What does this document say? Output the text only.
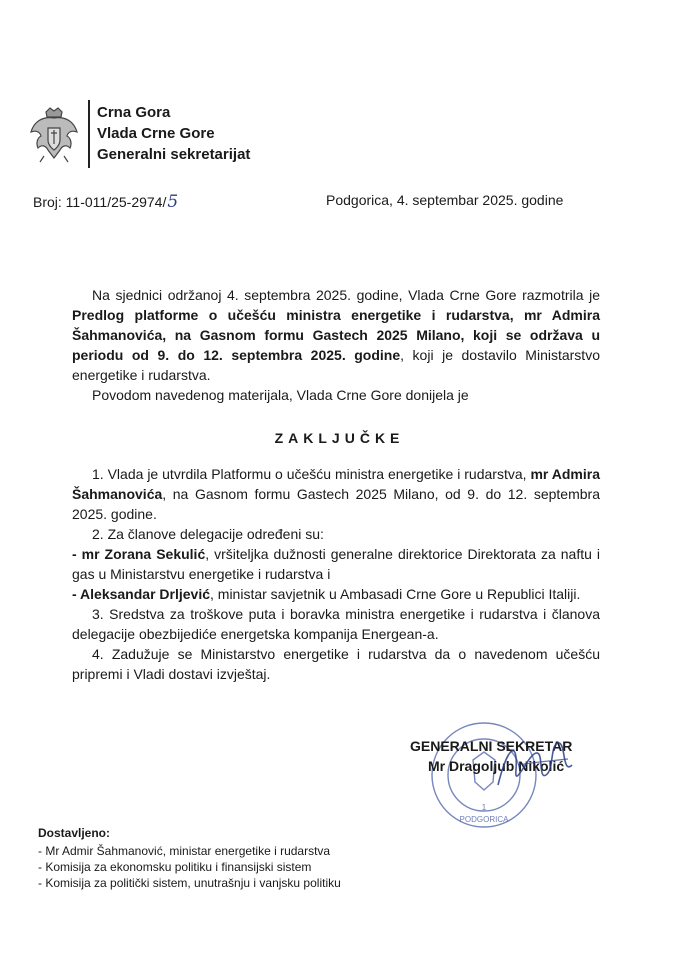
Crna Gora
Vlada Crne Gore
Generalni sekretarijat
Broj: 11-011/25-2974/5	Podgorica, 4. septembar 2025. godine

Na sjednici održanoj 4. septembra 2025. godine, Vlada Crne Gore razmotrila je Predlog platforme o učešću ministra energetike i rudarstva, mr Admira Šahmanovića, na Gasnom formu Gastech 2025 Milano, koji se održava u periodu od 9. do 12. septembra 2025. godine, koji je dostavilo Ministarstvo energetike i rudarstva.

Povodom navedenog materijala, Vlada Crne Gore donijela je

ZAKLJUČKE

1. Vlada je utvrdila Platformu o učešću ministra energetike i rudarstva, mr Admira Šahmanovića, na Gasnom formu Gastech 2025 Milano, od 9. do 12. septembra 2025. godine.

2. Za članove delegacije određeni su:

- mr Zorana Sekulić, vršiteljka dužnosti generalne direktorice Direktorata za naftu i gas u Ministarstvu energetike i rudarstva i

- Aleksandar Drljević, ministar savjetnik u Ambasadi Crne Gore u Republici Italiji.

3. Sredstva za troškove puta i boravka ministra energetike i rudarstva i članova delegacije obezbijediće energetska kompanija Energean-a.

4. Zadužuje se Ministarstvo energetike i rudarstva da o navedenom učešću pripremi i Vladi dostavi izvještaj.

1
PODGORICA
GENERALNI SEKRETAR
Mr Dragoljub Nikolić
Dostavljeno:
- Mr Admir Šahmanović, ministar energetike i rudarstva
- Komisija za ekonomsku politiku i finansijski sistem
- Komisija za politički sistem, unutrašnju i vanjsku politiku
